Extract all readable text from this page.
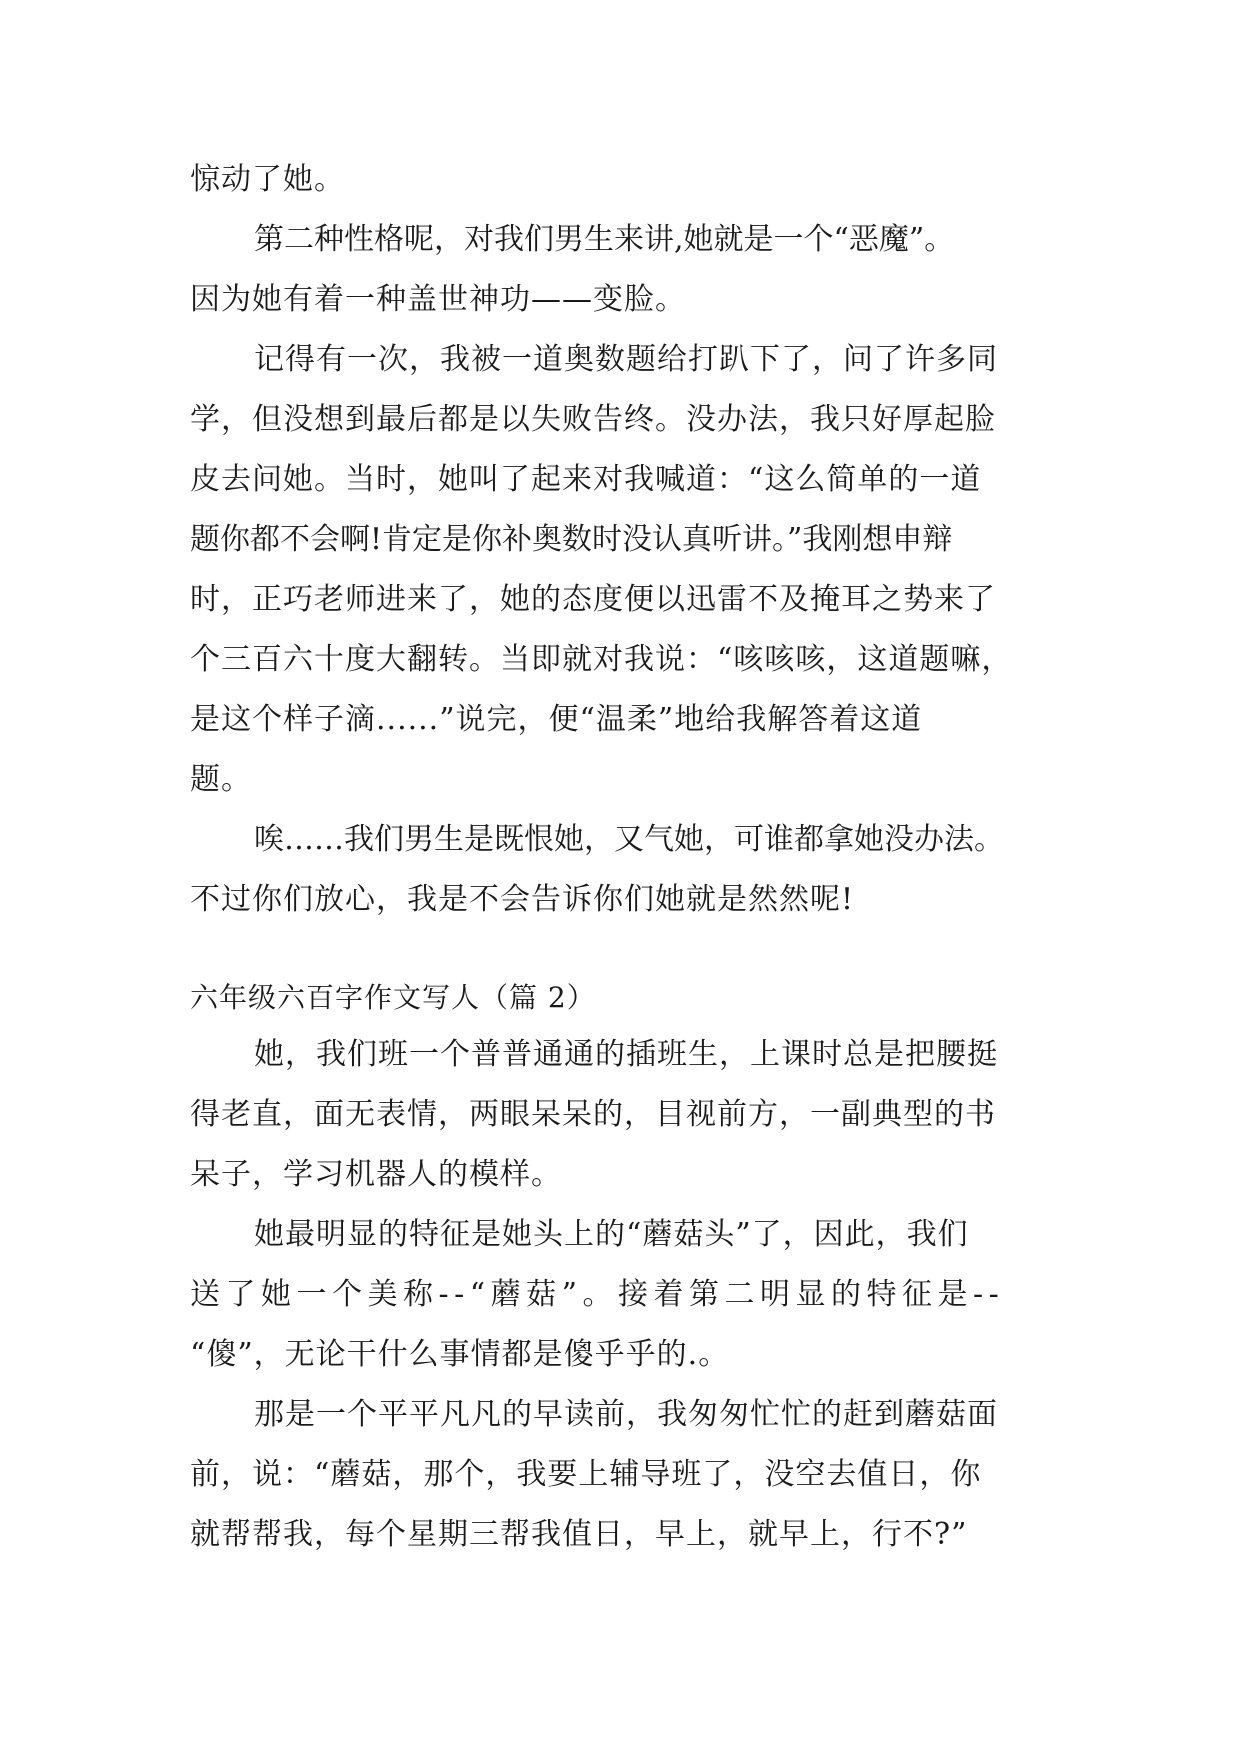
惊动了她。
第二种性格呢，对我们男生来讲,她就是一个“恶魔”。
因为她有着一种盖世神功——变脸。
记得有一次，我被一道奥数题给打趴下了，问了许多同
学，但没想到最后都是以失败告终。没办法，我只好厚起脸
皮去问她。当时，她叫了起来对我喊道：“这么简单的一道
题你都不会啊!肯定是你补奥数时没认真听讲。”我刚想申辩
时，正巧老师进来了，她的态度便以迅雷不及掩耳之势来了
个三百六十度大翻转。当即就对我说：“咳咳咳，这道题嘛，
是这个样子滴......”说完，便“温柔”地给我解答着这道
题。
唉……我们男生是既恨她，又气她，可谁都拿她没办法。
不过你们放心，我是不会告诉你们她就是然然呢!
六年级六百字作文写人（篇 2）
她，我们班一个普普通通的插班生，上课时总是把腰挺
得老直，面无表情，两眼呆呆的，目视前方，一副典型的书
呆子，学习机器人的模样。
她最明显的特征是她头上的“蘑菇头”了，因此，我们
送了她一个美称--“蘑菇”。接着第二明显的特征是--
“傻”，无论干什么事情都是傻乎乎的.。
那是一个平平凡凡的早读前，我匆匆忙忙的赶到蘑菇面
前，说：“蘑菇，那个，我要上辅导班了，没空去值日，你
就帮帮我，每个星期三帮我值日，早上，就早上，行不?”
